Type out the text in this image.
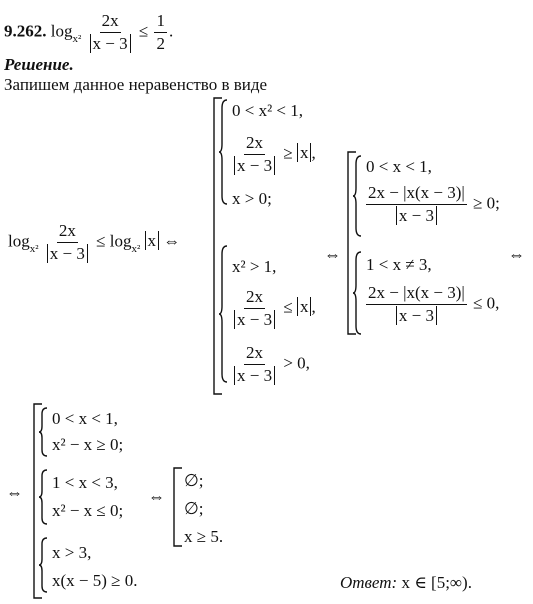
9.262. $\log_{x^2} \frac{2x}{x - 3} \le \frac{1}{2}$ .
Решение.
Запишем данное неравенство в виде
$\log_{x^2} \frac{2x}{x - 3} \le \log_{x^2} x$ ⇔
0 < x² < 1,
$\frac{2x}{x - 3} \ge x$ ,
x > 0;
x² > 1,
$\frac{2x}{x - 3} \le x$ ,
$\frac{2x}{x - 3} > 0$,
⇔
0 < x < 1,
$\frac{2x - |x(x - 3)|}{x - 3} \ge 0$;
1 < x ≠ 3,
$\frac{2x - |x(x - 3)|}{x - 3} \le 0$,
⇔
⇔
0 < x < 1,
x² − x ≥ 0;
1 < x < 3,
x² − x ≤ 0;
x > 3,
x(x − 5) ≥ 0.
⇔
∅;
∅;
x ≥ 5.
Ответ: x ∈ [5;∞).
